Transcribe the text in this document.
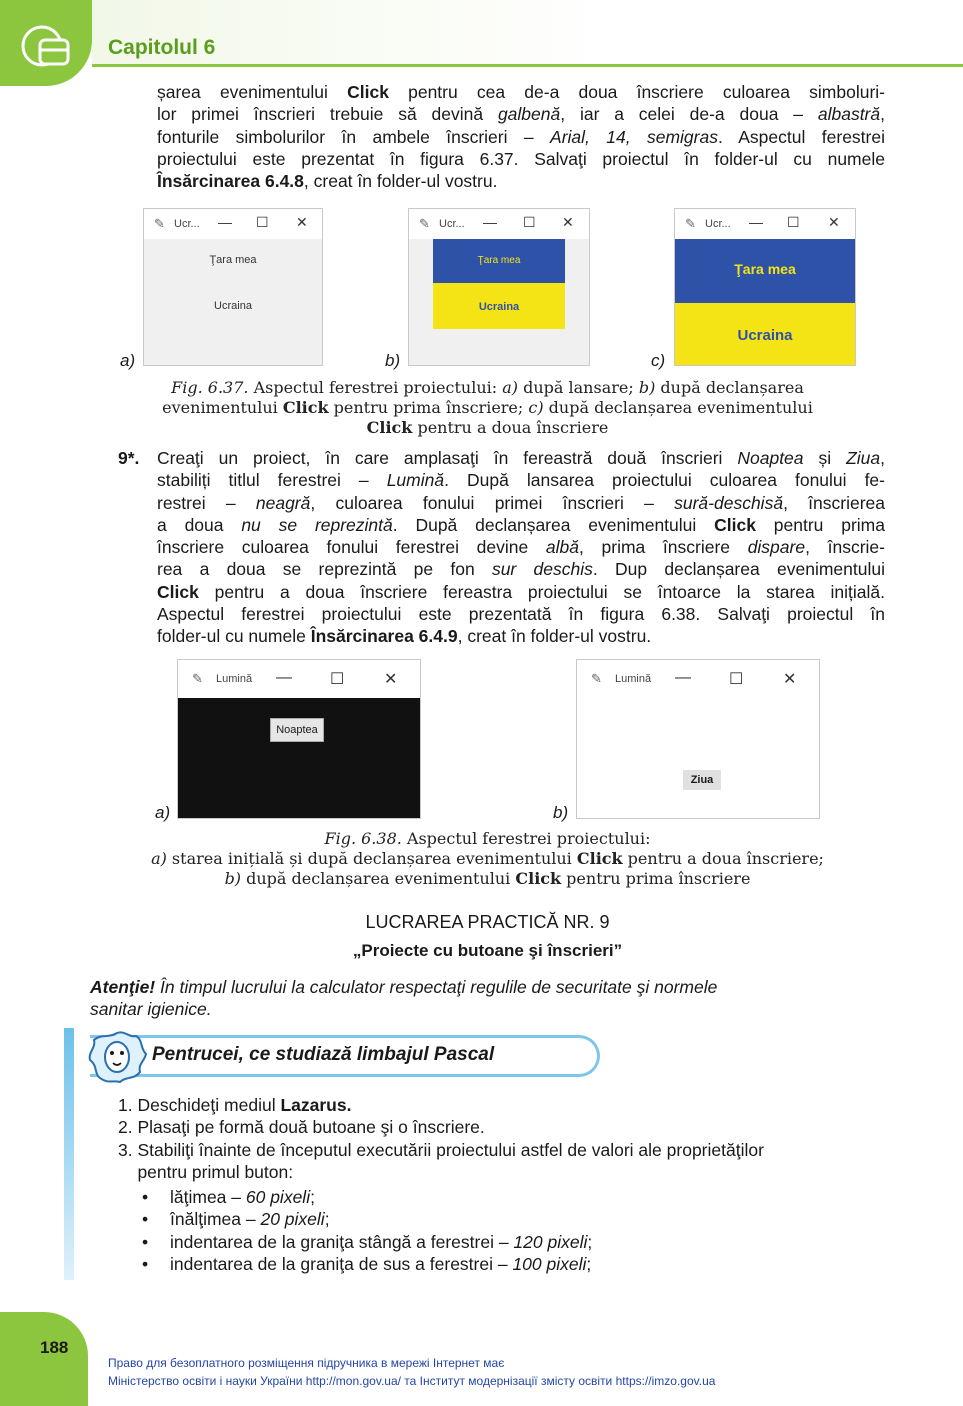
Capitolul 6
șarea evenimentului Click pentru cea de-a doua înscriere culoarea simboluri-
lor primei înscrieri trebuie să devină galbenă, iar a celei de-a doua – albastră,
fonturile simbolurilor în ambele înscrieri – Arial, 14, semigras. Aspectul ferestrei
proiectului este prezentat în figura 6.37. Salvaţi proiectul în folder-ul cu numele
Însărcinarea 6.4.8, creat în folder-ul vostru.
a)
✎ Ucr... — ☐ ✕
Ţara mea
Ucraina
b)
✎ Ucr... — ☐ ✕
Ţara mea
Ucraina
c)
✎ Ucr... — ☐ ✕
Ţara mea
Ucraina
Fig. 6.37. Aspectul ferestrei proiectului: a) după lansare; b) după declanșarea
evenimentului Click pentru prima înscriere; c) după declanșarea evenimentului
Click pentru a doua înscriere
9*. Creaţi un proiect, în care amplasaţi în fereastră două înscrieri Noaptea și Ziua,
stabiliți titlul ferestrei – Lumină. După lansarea proiectului culoarea fonului fe-
restrei – neagră, culoarea fonului primei înscrieri – sură-deschisă, înscrierea
a doua nu se reprezintă. După declanșarea evenimentului Click pentru prima
înscriere culoarea fonului ferestrei devine albă, prima înscriere dispare, înscrie-
rea a doua se reprezintă pe fon sur deschis. Dup declanșarea evenimentului
Click pentru a doua înscriere fereastra proiectului se întoarce la starea inițială.
Aspectul ferestrei proiectului este prezentată în figura 6.38. Salvaţi proiectul în
folder-ul cu numele Însărcinarea 6.4.9, creat în folder-ul vostru.
a)
✎ Lumină — ☐ ✕
Noaptea
b)
✎ Lumină — ☐ ✕
Ziua
Fig. 6.38. Aspectul ferestrei proiectului:
a) starea inițială și după declanșarea evenimentului Click pentru a doua înscriere;
b) după declanșarea evenimentului Click pentru prima înscriere
LUCRAREA PRACTICĂ NR. 9
„Proiecte cu butoane şi înscrieri”
Atenţie! În timpul lucrului la calculator respectaţi regulile de securitate şi normele
sanitar igienice.
Pentrucei, ce studiază limbajul Pascal
1. Deschideţi mediul Lazarus.
2. Plasaţi pe formă două butoane şi o înscriere.
3. Stabiliţi înainte de începutul executării proiectului astfel de valori ale proprietăţilor
pentru primul buton:
• lăţimea – 60 pixeli;
• înălţimea – 20 pixeli;
• indentarea de la graniţa stângă a ferestrei – 120 pixeli;
• indentarea de la graniţa de sus a ferestrei – 100 pixeli;
188
Право для безоплатного розміщення підручника в мережі Інтернет має
Міністерство освіти і науки України http://mon.gov.ua/ та Інститут модернізації змісту освіти https://imzo.gov.ua
